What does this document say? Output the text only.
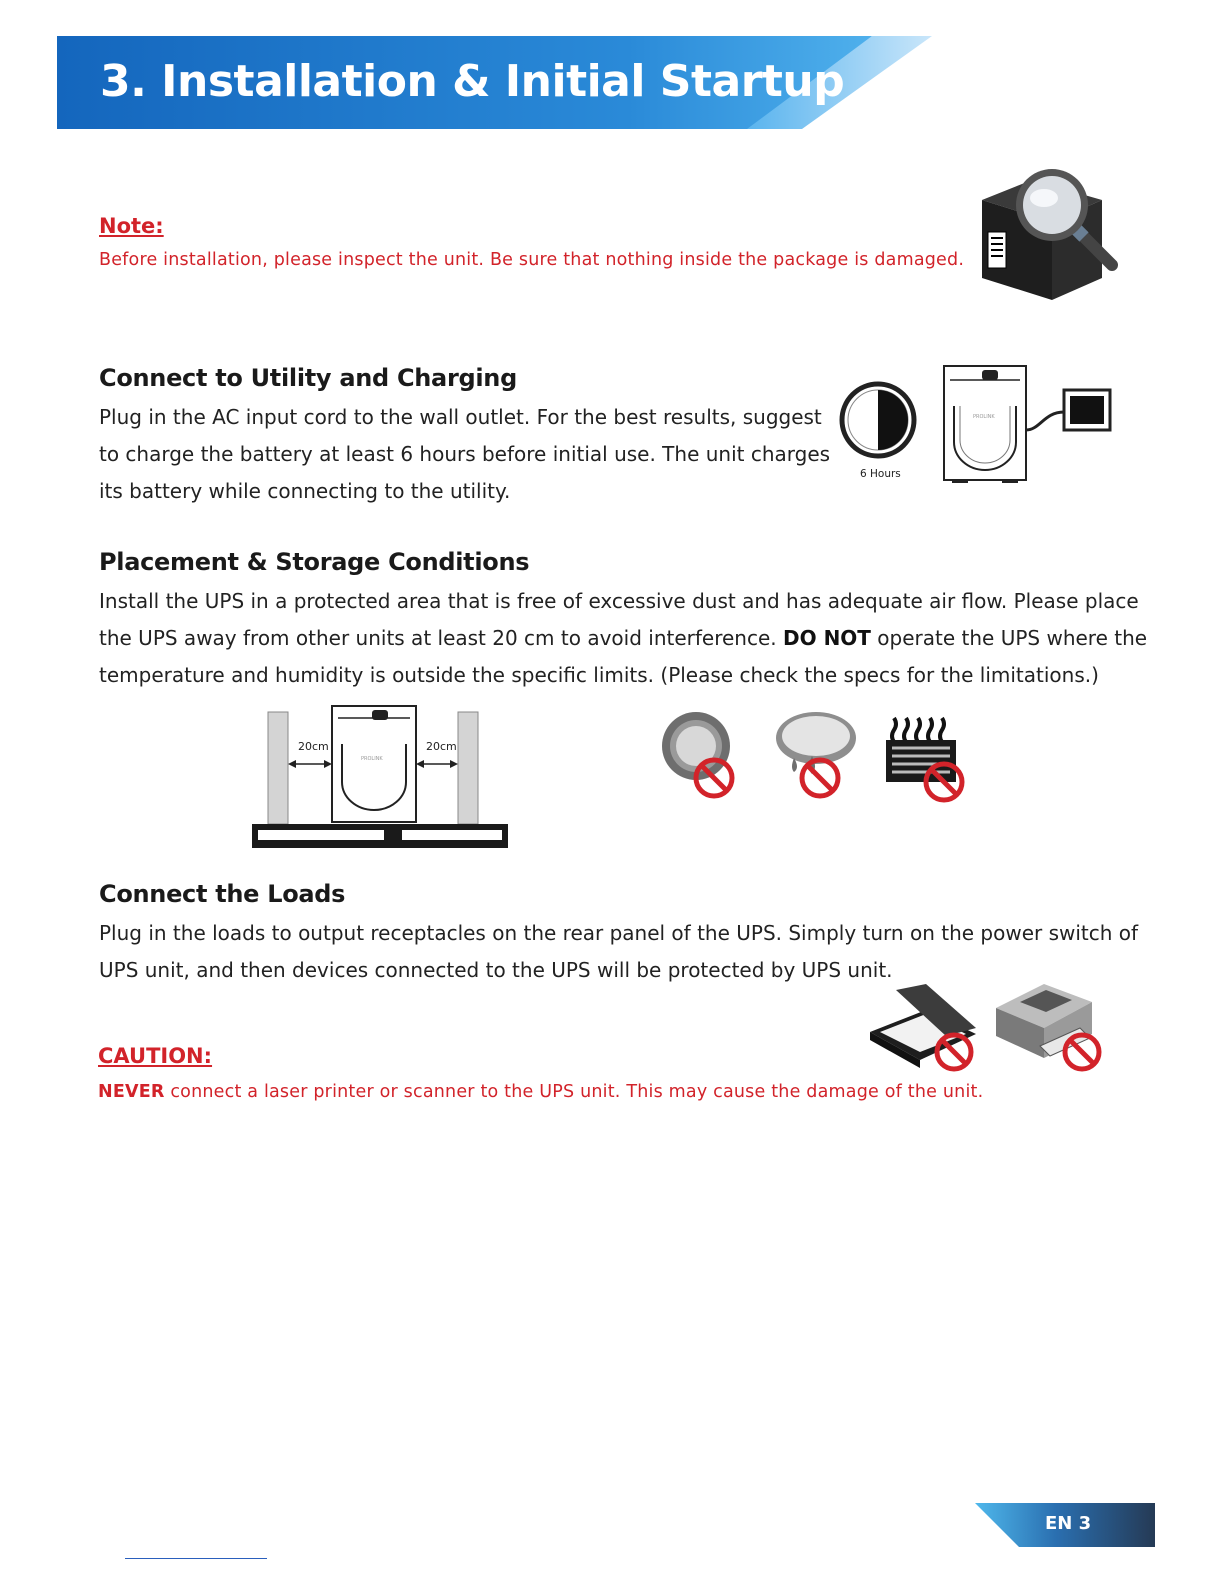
3. Installation & Initial Startup
Note:
Before installation, please inspect the unit. Be sure that nothing inside the package is damaged.
Connect to Utility and Charging
Plug in the AC input cord to the wall outlet. For the best results, suggest
to charge the battery at least 6 hours before initial use. The unit charges
its battery while connecting to the utility.
6 Hours
PROLINK
Placement & Storage Conditions
Install the UPS in a protected area that is free of excessive dust and has adequate air flow. Please place
the UPS away from other units at least 20 cm to avoid interference. DO NOT operate the UPS where the
temperature and humidity is outside the specific limits. (Please check the specs for the limitations.)
PROLINK
20cm	20cm
Connect the Loads
Plug in the loads to output receptacles on the rear panel of the UPS. Simply turn on the power switch of
UPS unit, and then devices connected to the UPS will be protected by UPS unit.
CAUTION:
NEVER connect a laser printer or scanner to the UPS unit. This may cause the damage of the unit.
EN 3
